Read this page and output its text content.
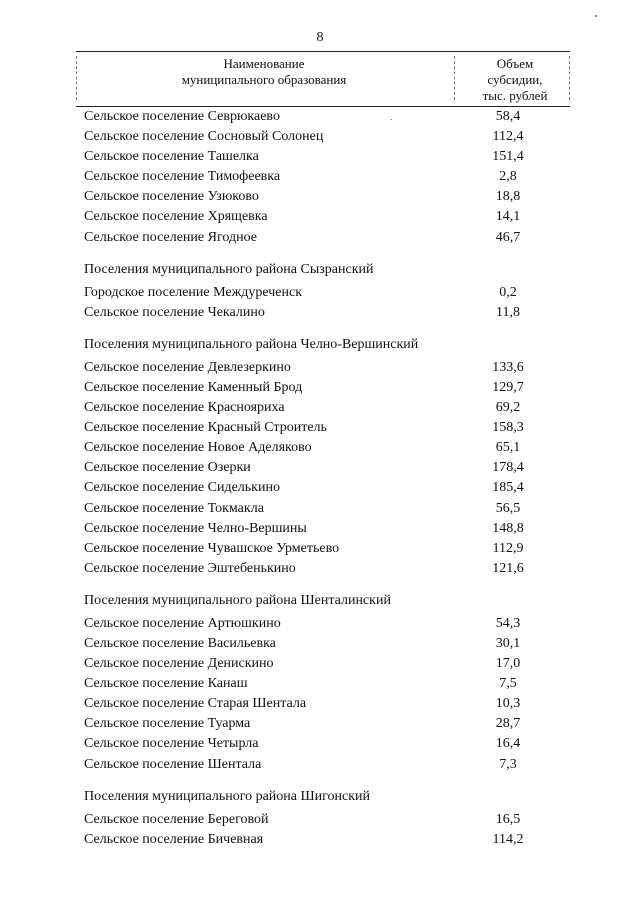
8
Наименование
муниципального образования
Объем
субсидии,
тыс. рублей
Сельское поселение Севрюкаево	58,4
Сельское поселение Сосновый Солонец	112,4
Сельское поселение Ташелка	151,4
Сельское поселение Тимофеевка	2,8
Сельское поселение Узюково	18,8
Сельское поселение Хрящевка	14,1
Сельское поселение Ягодное	46,7
Поселения муниципального района Сызранский
Городское поселение Междуреченск	0,2
Сельское поселение Чекалино	11,8
Поселения муниципального района Челно-Вершинский
Сельское поселение Девлезеркино	133,6
Сельское поселение Каменный Брод	129,7
Сельское поселение Краснояриха	69,2
Сельское поселение Красный Строитель	158,3
Сельское поселение Новое Аделяково	65,1
Сельское поселение Озерки	178,4
Сельское поселение Сиделькино	185,4
Сельское поселение Токмакла	56,5
Сельское поселение Челно-Вершины	148,8
Сельское поселение Чувашское Урметьево	112,9
Сельское поселение Эштебенькино	121,6
Поселения муниципального района Шенталинский
Сельское поселение Артюшкино	54,3
Сельское поселение Васильевка	30,1
Сельское поселение Денискино	17,0
Сельское поселение Канаш	7,5
Сельское поселение Старая Шентала	10,3
Сельское поселение Туарма	28,7
Сельское поселение Четырла	16,4
Сельское поселение Шентала	7,3
Поселения муниципального района Шигонский
Сельское поселение Береговой	16,5
Сельское поселение Бичевная	114,2
